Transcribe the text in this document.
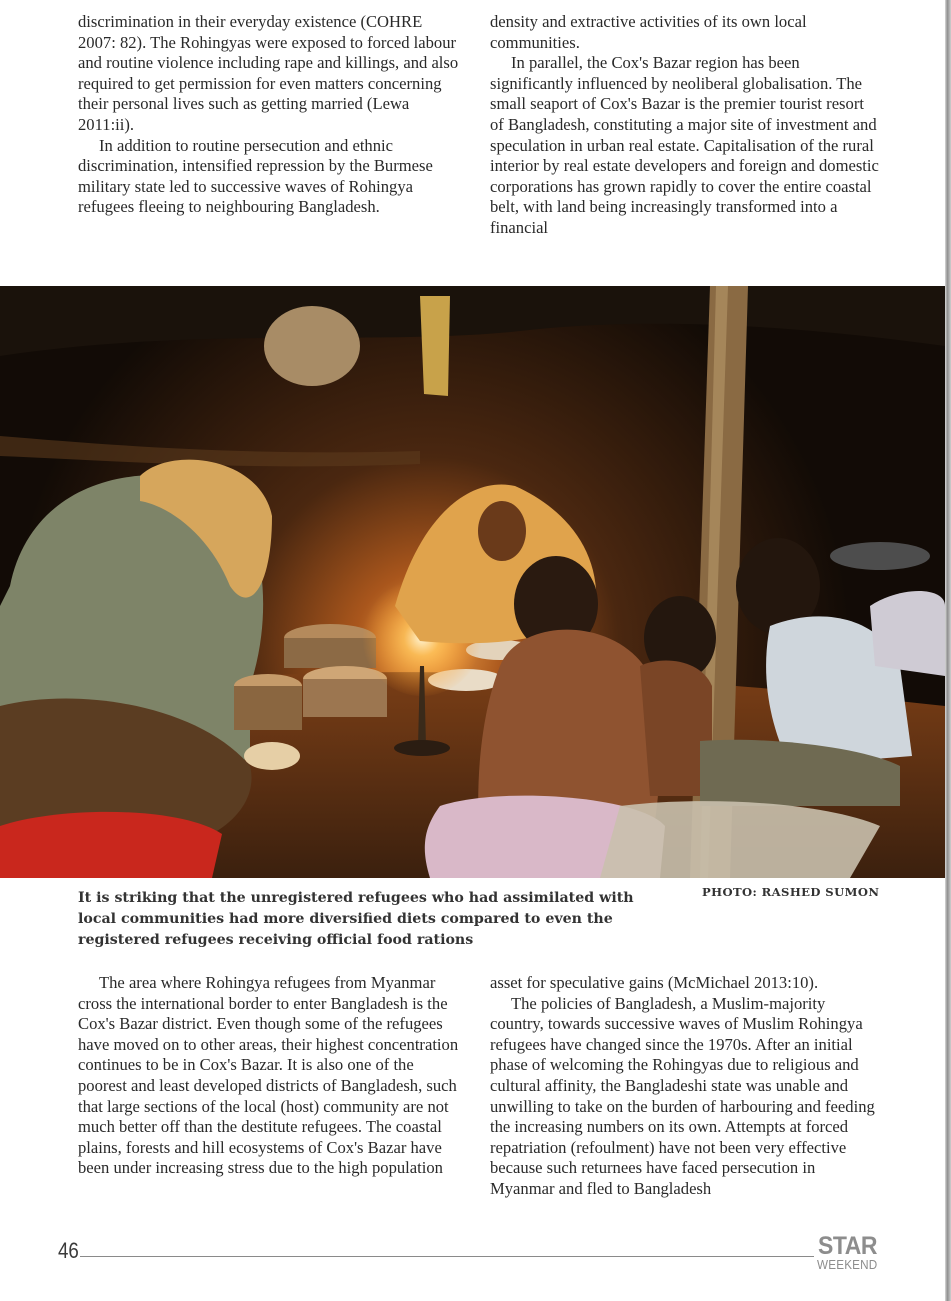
discrimination in their everyday existence (COHRE 2007: 82). The Rohingyas were exposed to forced labour and routine violence including rape and killings, and also required to get permission for even matters concerning their personal lives such as getting married (Lewa 2011:ii).

In addition to routine persecution and ethnic discrimination, intensified repression by the Burmese military state led to successive waves of Rohingya refugees fleeing to neighbouring Bangladesh.

density and extractive activities of its own local communities.

In parallel, the Cox's Bazar region has been significantly influenced by neoliberal globalisation. The small seaport of Cox's Bazar is the premier tourist resort of Bangladesh, constituting a major site of investment and speculation in urban real estate. Capitalisation of the rural interior by real estate developers and foreign and domestic corporations has grown rapidly to cover the entire coastal belt, with land being increasingly transformed into a financial

It is striking that the unregistered refugees who had assimilated with local communities had more diversified diets compared to even the registered refugees receiving official food rations
PHOTO: RASHED SUMON

The area where Rohingya refugees from Myanmar cross the international border to enter Bangladesh is the Cox's Bazar district. Even though some of the refugees have moved on to other areas, their highest concentration continues to be in Cox's Bazar. It is also one of the poorest and least developed districts of Bangladesh, such that large sections of the local (host) community are not much better off than the destitute refugees. The coastal plains, forests and hill ecosystems of Cox's Bazar have been under increasing stress due to the high population

asset for speculative gains (McMichael 2013:10).

The policies of Bangladesh, a Muslim-majority country, towards successive waves of Muslim Rohingya refugees have changed since the 1970s. After an initial phase of welcoming the Rohingyas due to religious and cultural affinity, the Bangladeshi state was unable and unwilling to take on the burden of harbouring and feeding the increasing numbers on its own. Attempts at forced repatriation (refoulment) have not been very effective because such returnees have faced persecution in Myanmar and fled to Bangladesh

46	STAR
WEEKEND
